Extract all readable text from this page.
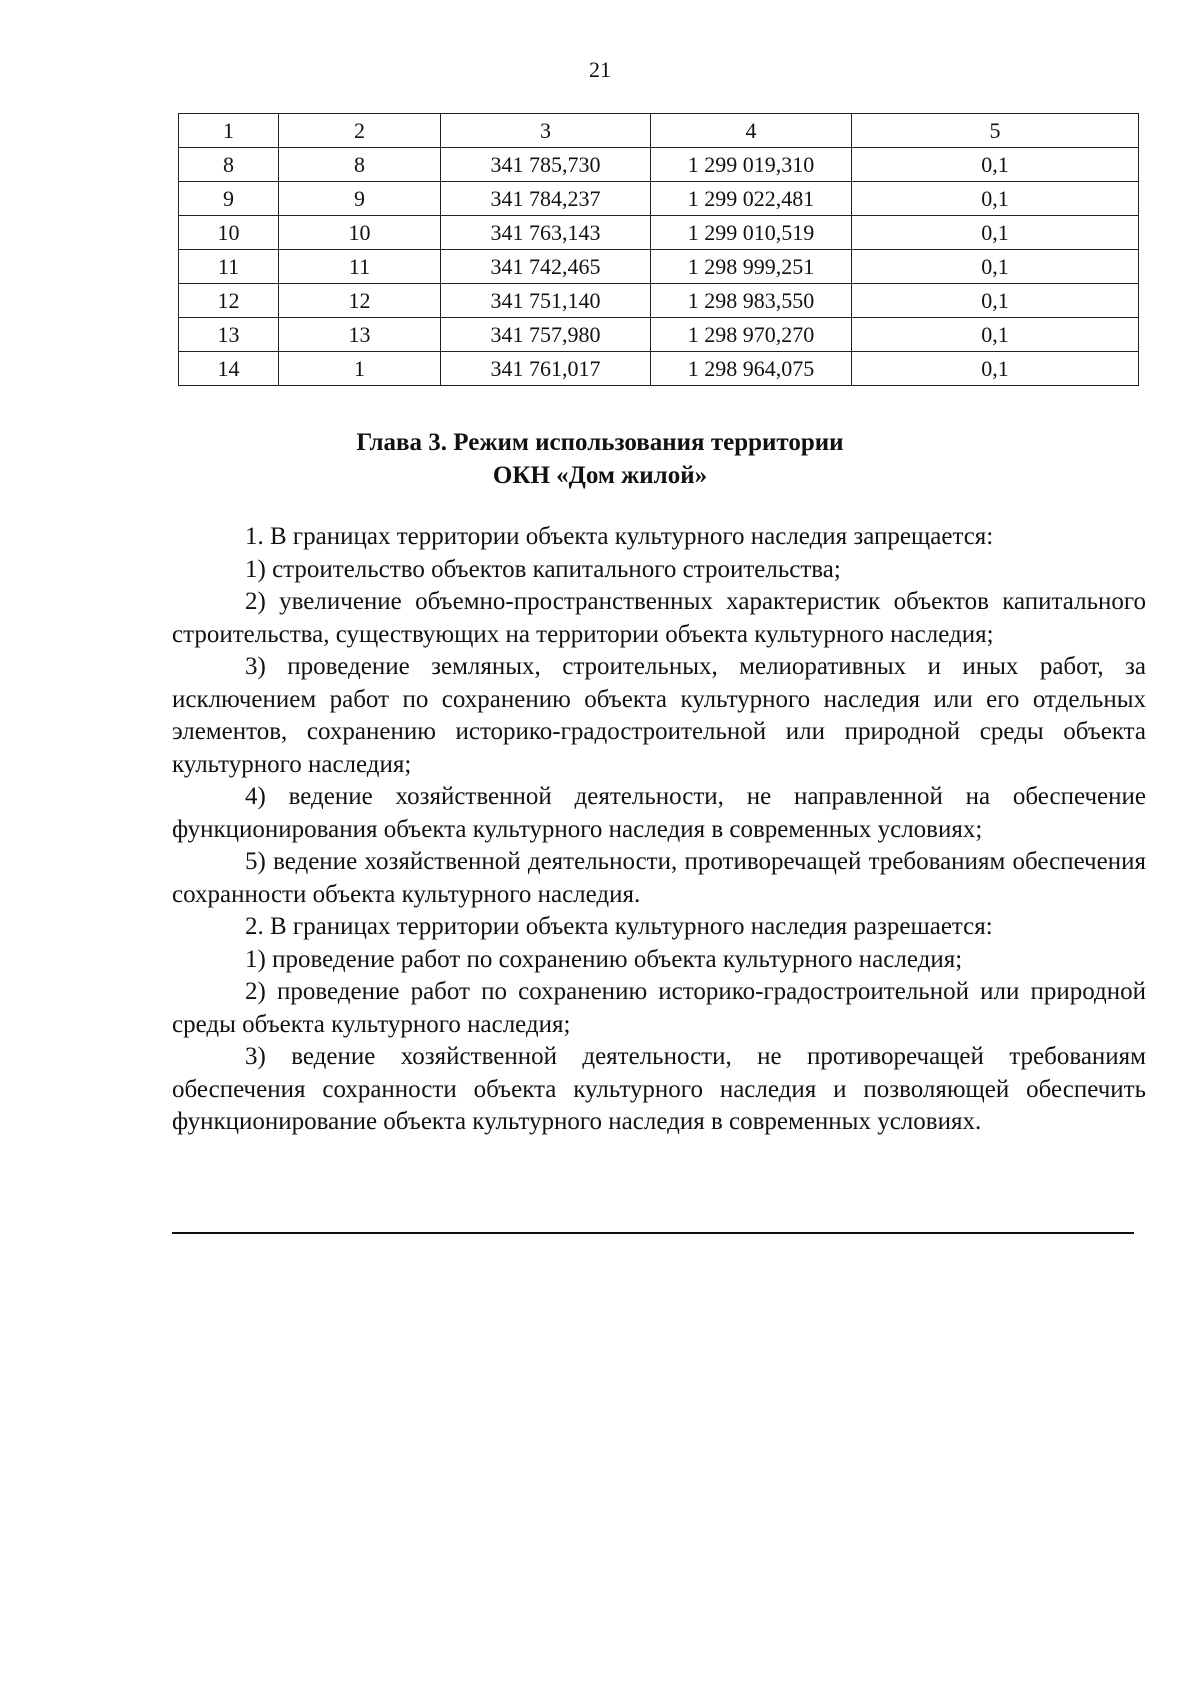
21
1	2	3	4	5
8	8	341 785,730	1 299 019,310	0,1
9	9	341 784,237	1 299 022,481	0,1
10	10	341 763,143	1 299 010,519	0,1
11	11	341 742,465	1 298 999,251	0,1
12	12	341 751,140	1 298 983,550	0,1
13	13	341 757,980	1 298 970,270	0,1
14	1	341 761,017	1 298 964,075	0,1
Глава 3. Режим использования территории
ОКН «Дом жилой»

1. В границах территории объекта культурного наследия запрещается:

1) строительство объектов капитального строительства;

2) увеличение объемно-пространственных характеристик объектов капитального строительства, существующих на территории объекта культурного наследия;

3) проведение земляных, строительных, мелиоративных и иных работ, за исключением работ по сохранению объекта культурного наследия или его отдельных элементов, сохранению историко-градостроительной или природной среды объекта культурного наследия;

4) ведение хозяйственной деятельности, не направленной на обеспечение функционирования объекта культурного наследия в современных условиях;

5) ведение хозяйственной деятельности, противоречащей требованиям обеспечения сохранности объекта культурного наследия.

2. В границах территории объекта культурного наследия разрешается:

1) проведение работ по сохранению объекта культурного наследия;

2) проведение работ по сохранению историко-градостроительной или природной среды объекта культурного наследия;

3) ведение хозяйственной деятельности, не противоречащей требованиям обеспечения сохранности объекта культурного наследия и позволяющей обеспечить функционирование объекта культурного наследия в современных условиях.
